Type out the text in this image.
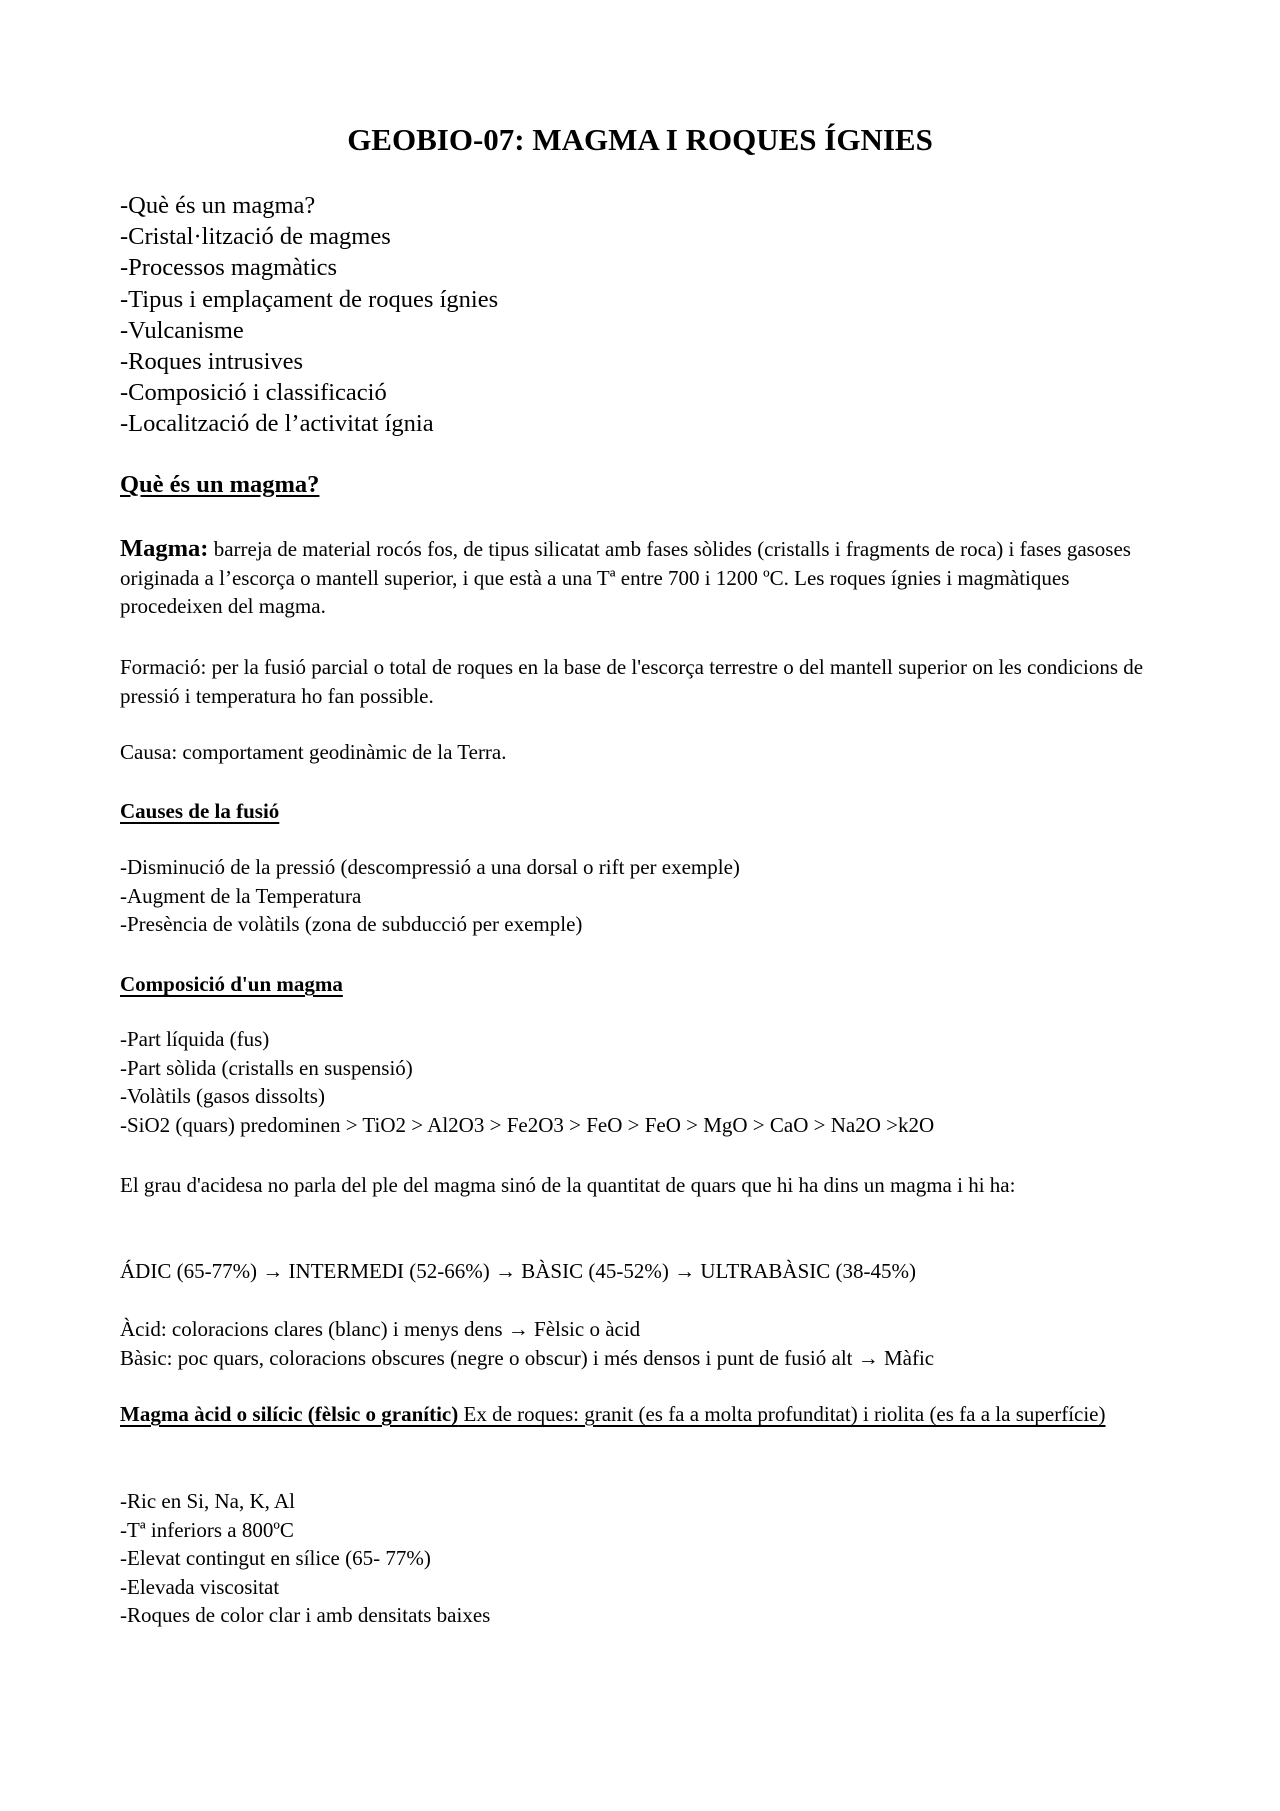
GEOBIO-07: MAGMA I ROQUES ÍGNIES
-Què és un magma?
-Cristal·lització de magmes
-Processos magmàtics
-Tipus i emplaçament de roques ígnies
-Vulcanisme
-Roques intrusives
-Composició i classificació
-Localització de l’activitat ígnia
Què és un magma?
Magma: barreja de material rocós fos, de tipus silicatat amb fases sòlides (cristalls i fragments de roca) i fases gasoses originada a l’escorça o mantell superior, i que està a una Tª entre 700 i 1200 ºC. Les roques ígnies i magmàtiques procedeixen del magma.
Formació: per la fusió parcial o total de roques en la base de l'escorça terrestre o del mantell superior on les condicions de pressió i temperatura ho fan possible.
Causa: comportament geodinàmic de la Terra.
Causes de la fusió
-Disminució de la pressió (descompressió a una dorsal o rift per exemple)
-Augment de la Temperatura
-Presència de volàtils (zona de subducció per exemple)
Composició d'un magma
-Part líquida (fus)
-Part sòlida (cristalls en suspensió)
-Volàtils (gasos dissolts)
-SiO2 (quars) predominen > TiO2 > Al2O3 > Fe2O3 > FeO > FeO > MgO > CaO > Na2O >k2O
El grau d'acidesa no parla del ple del magma sinó de la quantitat de quars que hi ha dins un magma i hi ha:
ÁDIC (65-77%) → INTERMEDI (52-66%) → BÀSIC (45-52%) → ULTRABÀSIC (38-45%)
Àcid: coloracions clares (blanc) i menys dens → Fèlsic o àcid
Bàsic: poc quars, coloracions obscures (negre o obscur) i més densos i punt de fusió alt → Màfic
Magma àcid o silícic (fèlsic o granític) Ex de roques: granit (es fa a molta profunditat) i riolita (es fa a la superfície)
-Ric en Si, Na, K, Al
-Tª inferiors a 800ºC
-Elevat contingut en sílice (65- 77%)
-Elevada viscositat
-Roques de color clar i amb densitats baixes
